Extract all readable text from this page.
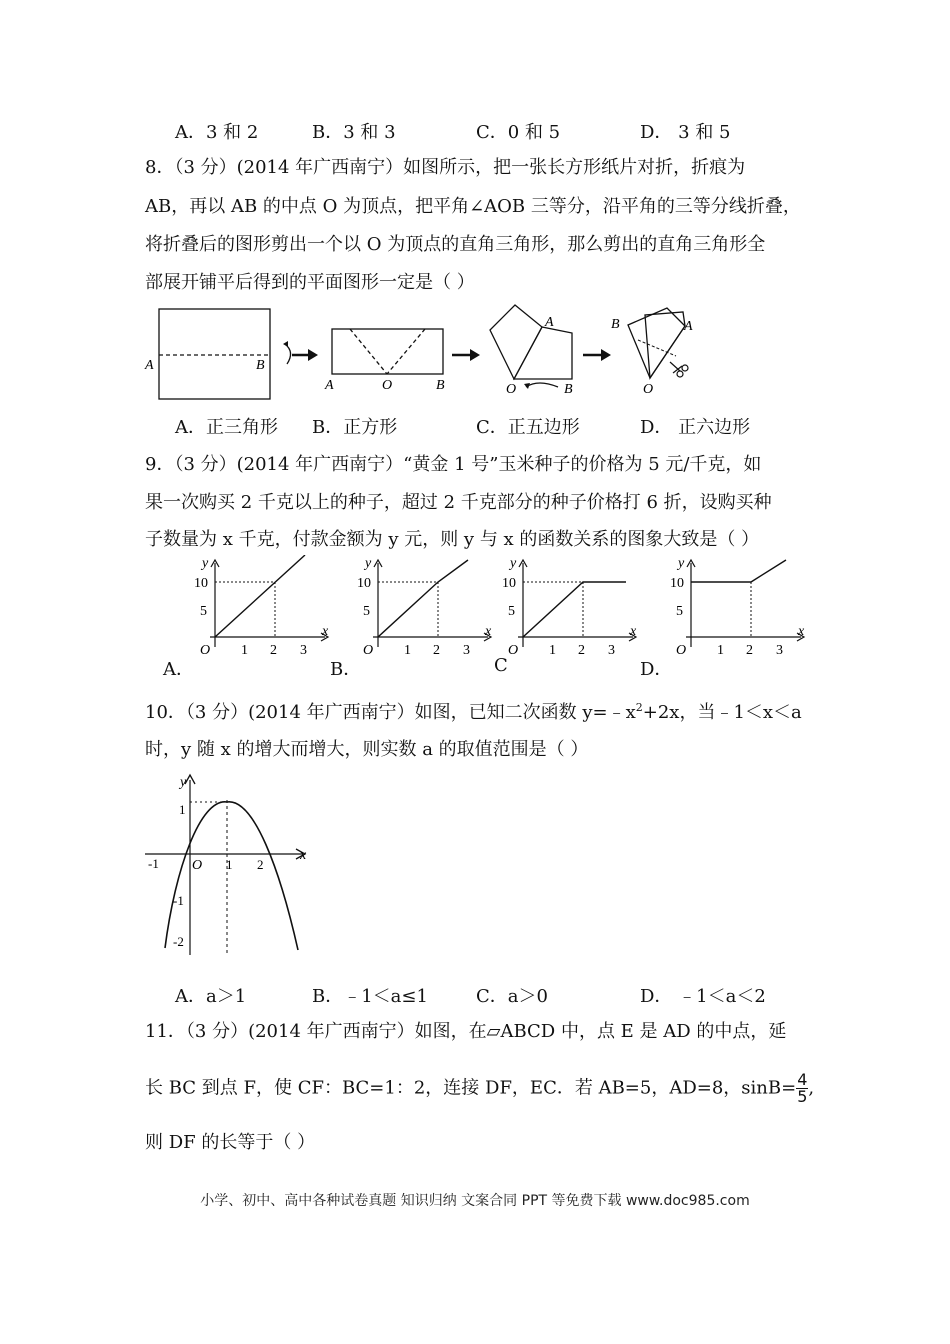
A．3 和 2	B．3 和 3	C．0 和 5	D． 3 和 5
8．（3 分）(2014 年广西南宁）如图所示，把一张长方形纸片对折，折痕为
AB，再以 AB 的中点 O 为顶点，把平角∠AOB 三等分，沿平角的三等分线折叠，
将折叠后的图形剪出一个以 O 为顶点的直角三角形，那么剪出的直角三角形全
部展开铺平后得到的平面图形一定是（ ）
A	B
A	O	B
A
O	B
B	A
O
A．正三角形 B．正方形	C．正五边形	D． 正六边形
9．（3 分）(2014 年广西南宁）“黄金 1 号”玉米种子的价格为 5 元/千克，如
果一次购买 2 千克以上的种子，超过 2 千克部分的种子价格打 6 折，设购买种
子数量为 x 千克，付款金额为 y 元，则 y 与 x 的函数关系的图象大致是（ ）
y
x
O
10
5
1 2 3
y
x
O
10
5
1 2 3
y
x
O
10
5
1 2 3
y
x
O
10
5
1 2 3
A．	B．	C	D．
10．（3 分）(2014 年广西南宁）如图，已知二次函数 $y=﹣x^2+2x$，当﹣1＜x＜a
时，y 随 x 的增大而增大，则实数 a 的取值范围是（ ）
y
x
O
1
-1
-2
-1	1 2
A．a＞1	B．﹣1＜a≤1	C．a＞0	D． ﹣1＜a＜2
11．（3 分）(2014 年广西南宁）如图，在▱ABCD 中，点 E 是 AD 的中点，延
长 BC 到点 F，使 CF：BC=1：2，连接 DF，EC．若 AB=5，AD=8，$\sin B= \frac{4}{5}$ ,
则 DF 的长等于（ ）
小学、初中、高中各种试卷真题 知识归纳 文案合同 PPT 等免费下载 www.doc985.com
